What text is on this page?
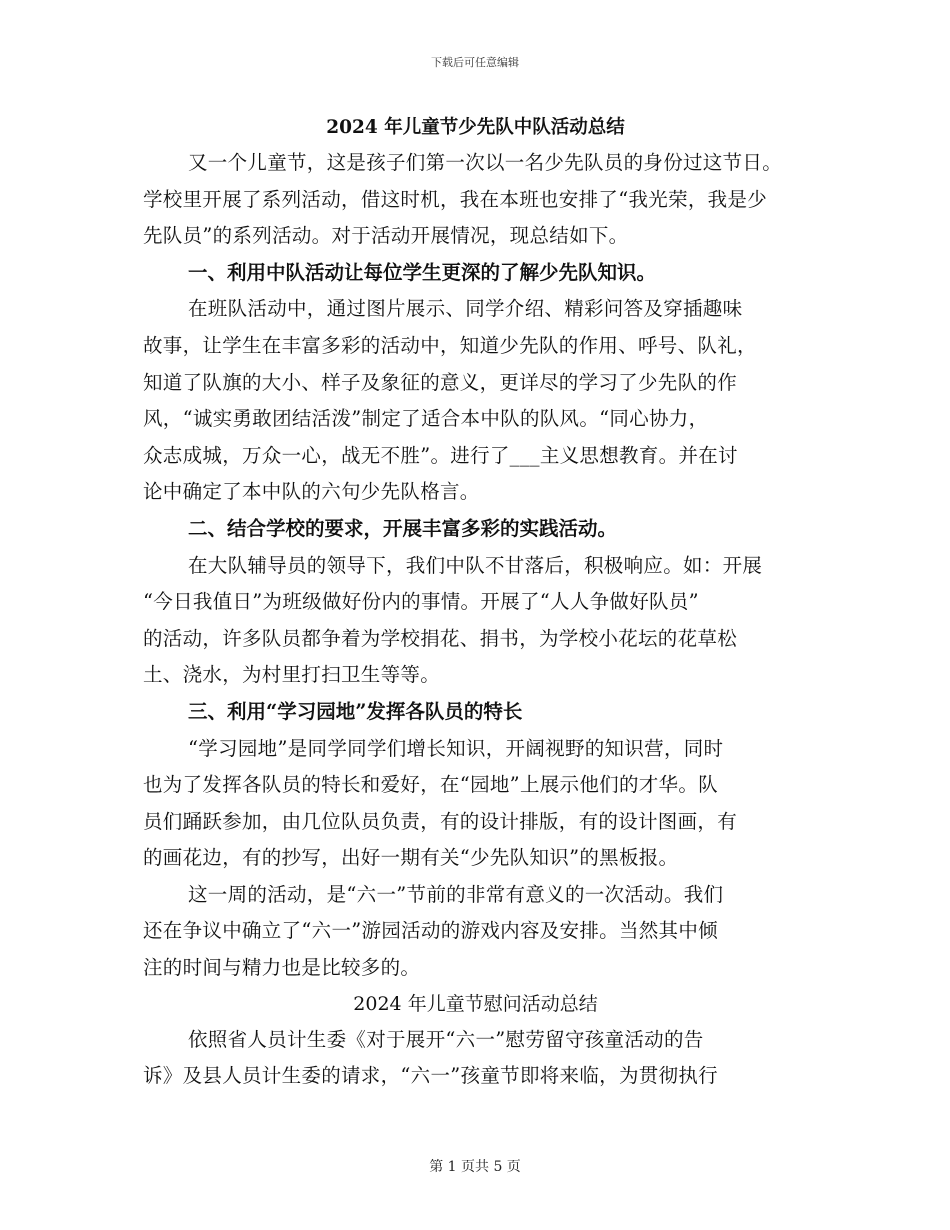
下载后可任意编辑
2024 年儿童节少先队中队活动总结
又一个儿童节，这是孩子们第一次以一名少先队员的身份过这节日。
学校里开展了系列活动，借这时机，我在本班也安排了“我光荣，我是少
先队员”的系列活动。对于活动开展情况，现总结如下。
一、利用中队活动让每位学生更深的了解少先队知识。
在班队活动中，通过图片展示、同学介绍、精彩问答及穿插趣味
故事，让学生在丰富多彩的活动中，知道少先队的作用、呼号、队礼，
知道了队旗的大小、样子及象征的意义，更详尽的学习了少先队的作
风，“诚实勇敢团结活泼”制定了适合本中队的队风。“同心协力，
众志成城，万众一心，战无不胜”。进行了___主义思想教育。并在讨
论中确定了本中队的六句少先队格言。
二、结合学校的要求，开展丰富多彩的实践活动。
在大队辅导员的领导下，我们中队不甘落后，积极响应。如：开展
“今日我值日”为班级做好份内的事情。开展了“人人争做好队员”
的活动，许多队员都争着为学校捐花、捐书，为学校小花坛的花草松
土、浇水，为村里打扫卫生等等。
三、利用“学习园地”发挥各队员的特长
“学习园地”是同学同学们增长知识，开阔视野的知识营，同时
也为了发挥各队员的特长和爱好，在“园地”上展示他们的才华。队
员们踊跃参加，由几位队员负责，有的设计排版，有的设计图画，有
的画花边，有的抄写，出好一期有关“少先队知识”的黑板报。
这一周的活动，是“六一”节前的非常有意义的一次活动。我们
还在争议中确立了“六一”游园活动的游戏内容及安排。当然其中倾
注的时间与精力也是比较多的。
2024 年儿童节慰问活动总结
依照省人员计生委《对于展开“六一”慰劳留守孩童活动的告
诉》及县人员计生委的请求，“六一”孩童节即将来临，为贯彻执行
第 1 页共 5 页
